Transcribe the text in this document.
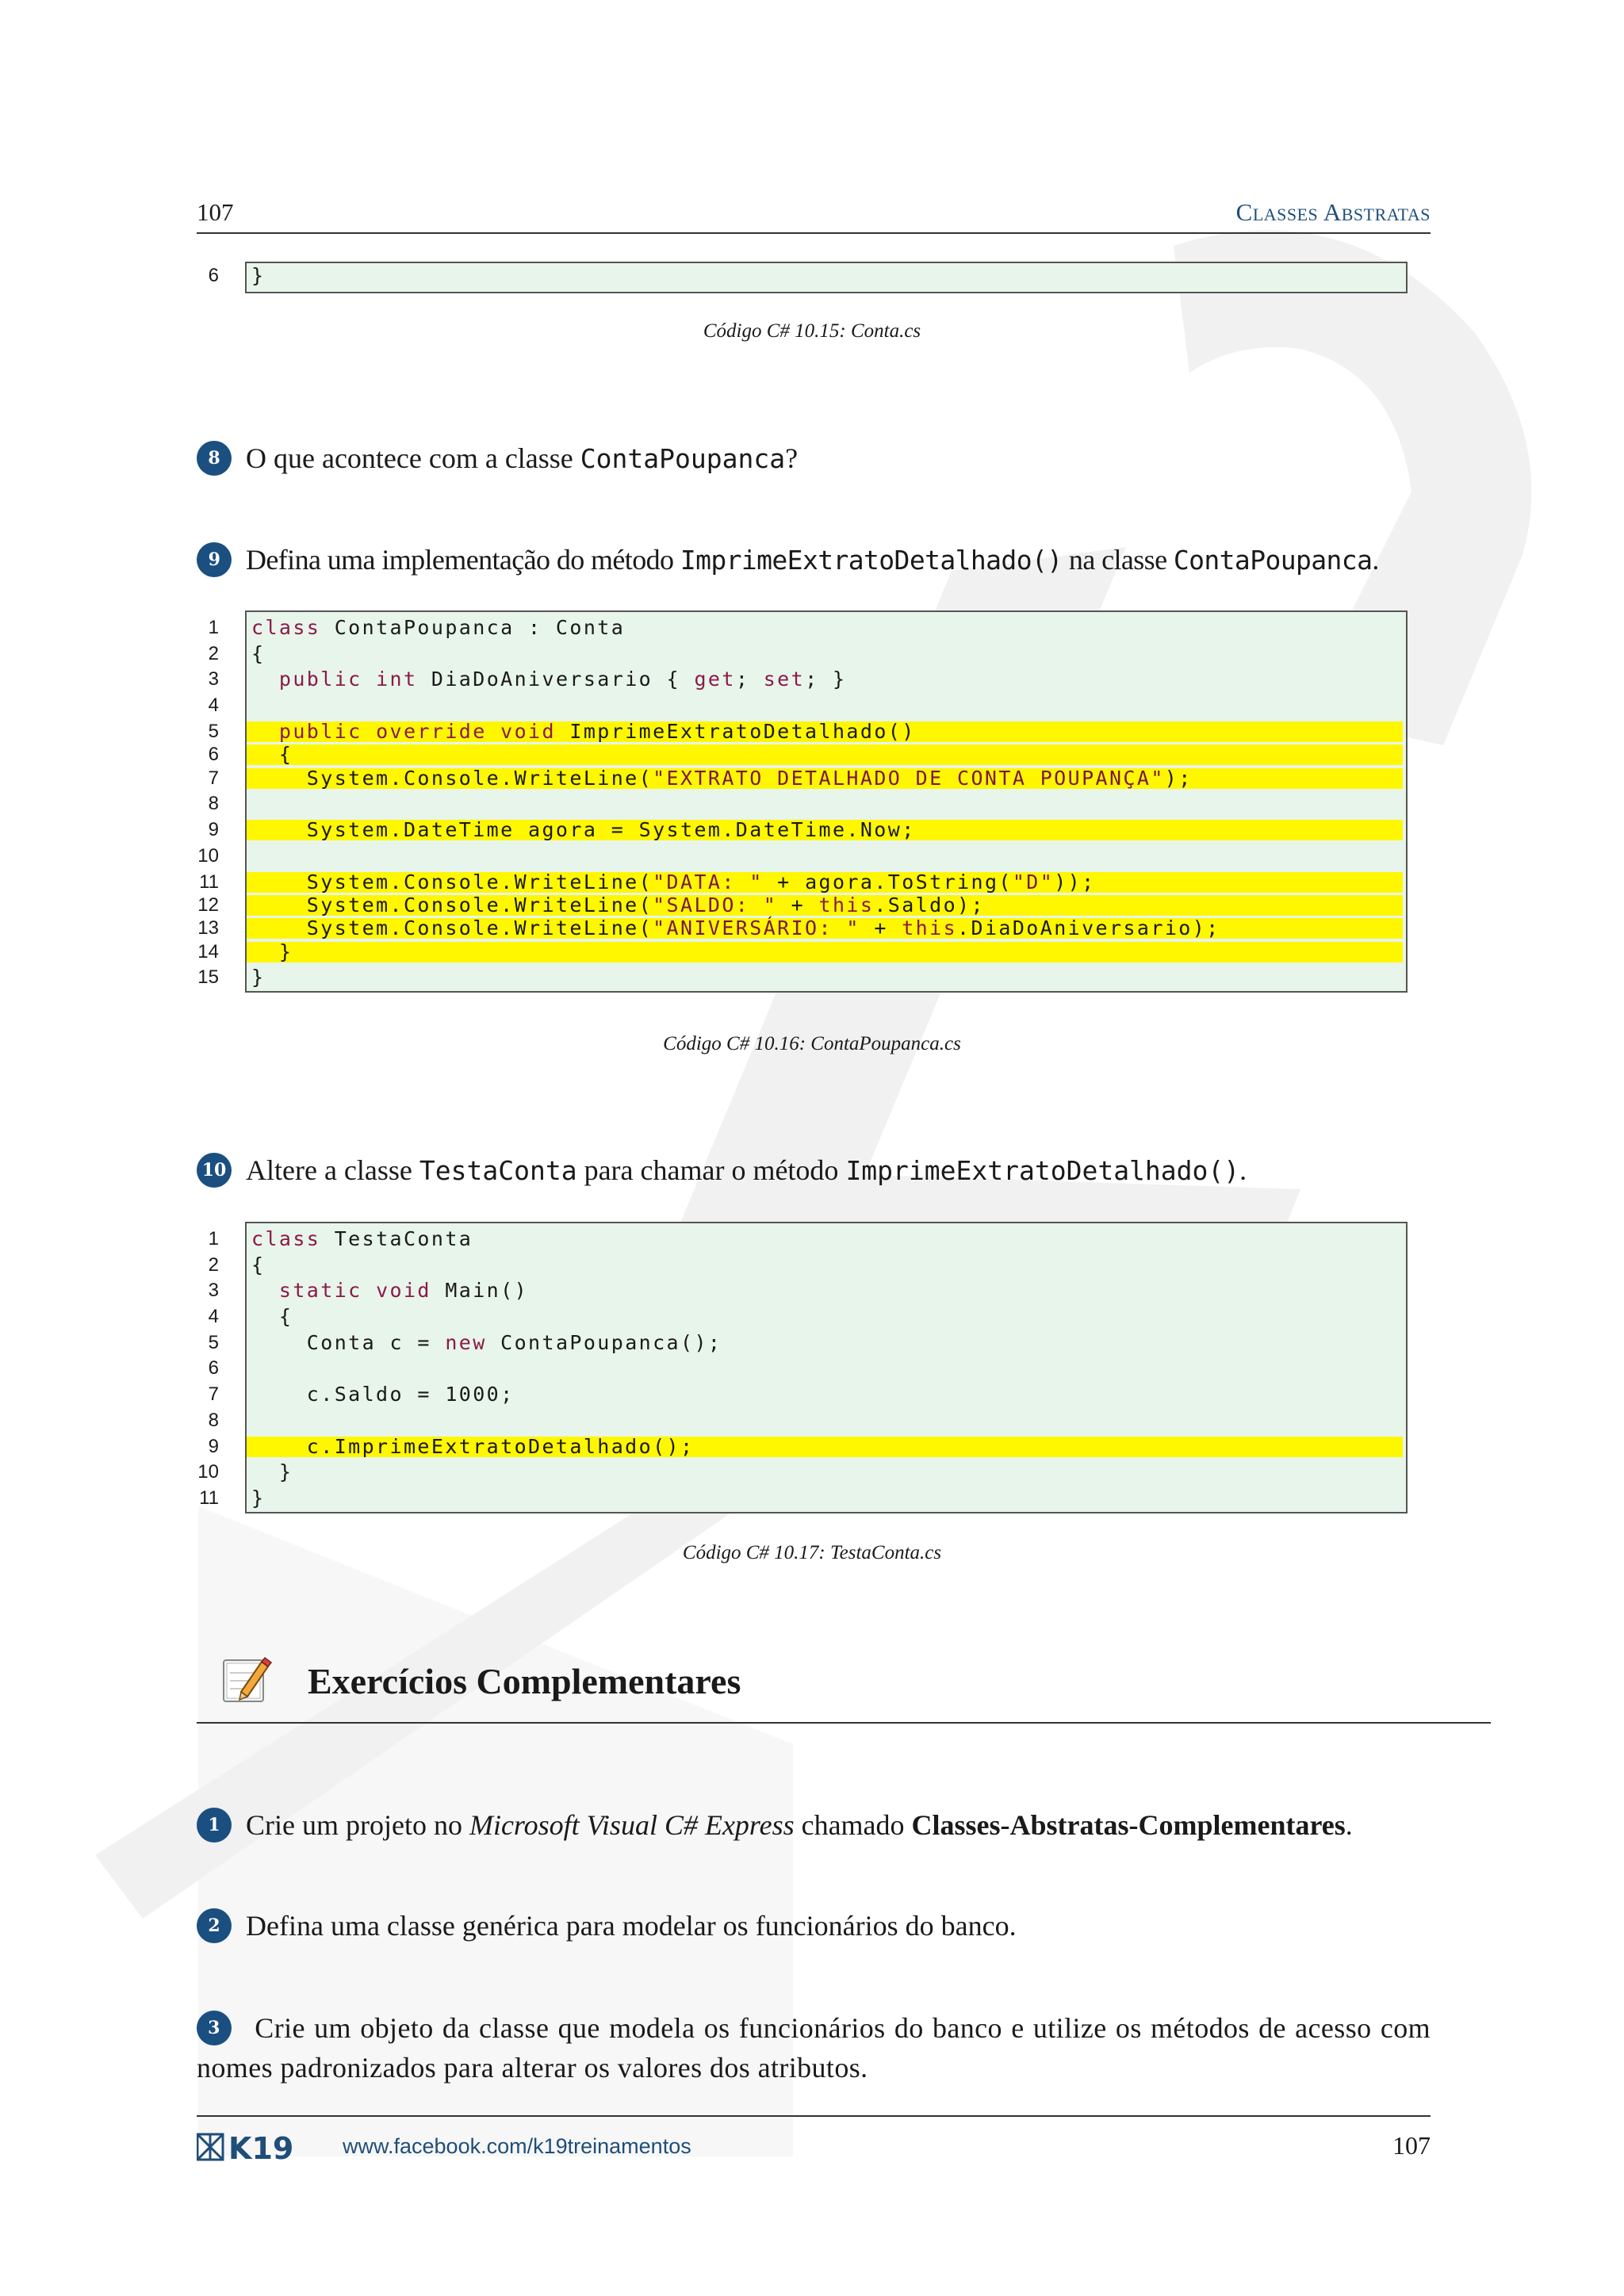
107	Classes Abstratas
6 }
Código C# 10.15: Conta.cs
8 O que acontece com a classe ContaPoupanca?
9 Defina uma implementação do método ImprimeExtratoDetalhado() na classe ContaPoupanca.
1 class ContaPoupanca : Conta
2 {
3	public int DiaDoAniversario { get; set; }
4
5	public override void ImprimeExtratoDetalhado()
6 {
7 System.Console.WriteLine("EXTRATO DETALHADO DE CONTA POUPANÇA");
8
9 System.DateTime agora = System.DateTime.Now;
10
11 System.Console.WriteLine("DATA: " + agora.ToString("D"));
12 System.Console.WriteLine("SALDO: " + this.Saldo);
13 System.Console.WriteLine("ANIVERSÁRIO: " + this.DiaDoAniversario);
14 }
15 }
Código C# 10.16: ContaPoupanca.cs
10 Altere a classe TestaConta para chamar o método ImprimeExtratoDetalhado().
1 class TestaConta
2 {
3	static void Main()
4 {
5 Conta c = new ContaPoupanca();
6
7 c.Saldo = 1000;
8
9 c.ImprimeExtratoDetalhado();
10 }
11 }
Código C# 10.17: TestaConta.cs
Exercícios Complementares
1 Crie um projeto no Microsoft Visual C# Express chamado Classes-Abstratas-Complementares.
2 Defina uma classe genérica para modelar os funcionários do banco.
3 Crie um objeto da classe que modela os funcionários do banco e utilize os métodos de acesso com nomes padronizados para alterar os valores dos atributos.
K19 www.facebook.com/k19treinamentos	107
